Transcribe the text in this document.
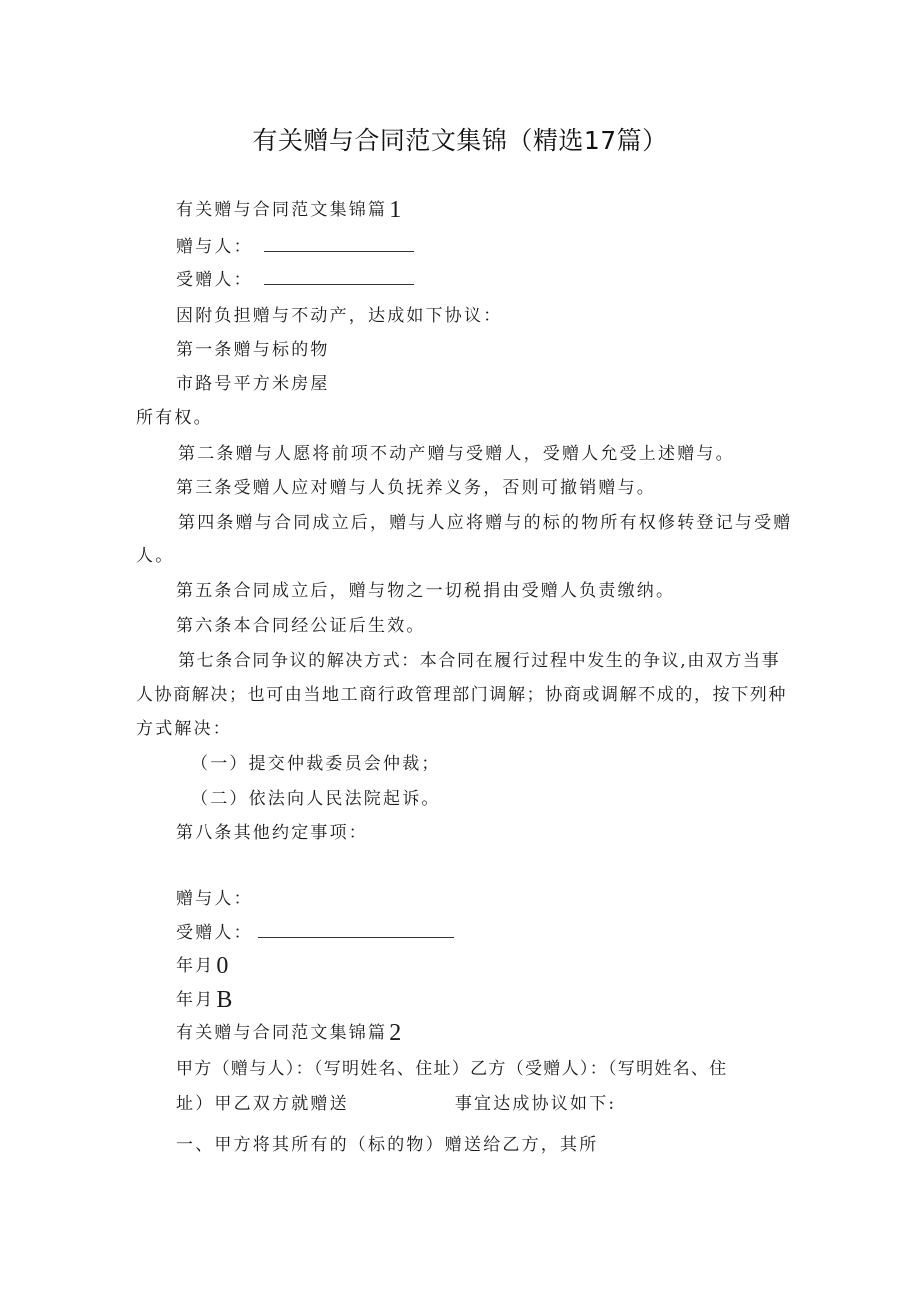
有关赠与合同范文集锦（精选17篇）
有关赠与合同范文集锦篇1
赠与人：
受赠人：
因附负担赠与不动产，达成如下协议：
第一条赠与标的物
市路号平方米房屋
所有权。
第二条赠与人愿将前项不动产赠与受赠人，受赠人允受上述赠与。
第三条受赠人应对赠与人负抚养义务，否则可撤销赠与。
第四条赠与合同成立后，赠与人应将赠与的标的物所有权修转登记与受赠
人。
第五条合同成立后，赠与物之一切税捐由受赠人负责缴纳。
第六条本合同经公证后生效。
第七条合同争议的解决方式：本合同在履行过程中发生的争议,由双方当事
人协商解决；也可由当地工商行政管理部门调解；协商或调解不成的，按下列种
方式解决：
（一）提交仲裁委员会仲裁；
（二）依法向人民法院起诉。
第八条其他约定事项：
赠与人：
受赠人：
年月0
年月B
有关赠与合同范文集锦篇2
甲方（赠与人）：（写明姓名、住址）乙方（受赠人）：（写明姓名、住
址）甲乙双方就赠送	事宜达成协议如下:
一、甲方将其所有的（标的物）赠送给乙方，其所
